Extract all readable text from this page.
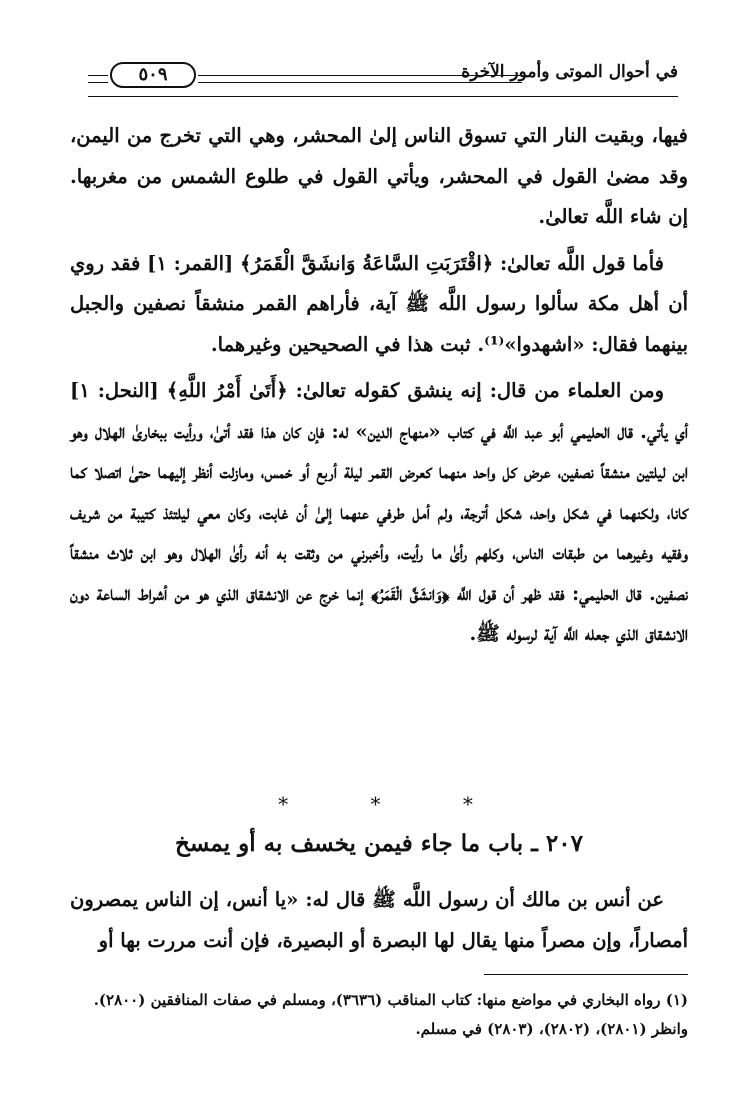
في أحوال الموتى وأمور الآخرة
٥٠٩

فيها، وبقيت النار التي تسوق الناس إلىٰ المحشر، وهي التي تخرج من اليمن، وقد مضىٰ القول في المحشر، ويأتي القول في طلوع الشمس من مغربها. إن شاء اللَّه تعالىٰ.

فأما قول اللَّه تعالىٰ: ﴿اقْتَرَبَتِ السَّاعَةُ وَانشَقَّ الْقَمَرُ﴾ [القمر: ١] فقد روي أن أهل مكة سألوا رسول اللَّه ﷺ آية، فأراهم القمر منشقاً نصفين والجبل بينهما فقال: «اشهدوا»⁽¹⁾. ثبت هذا في الصحيحين وغيرهما.

ومن العلماء من قال: إنه ينشق كقوله تعالىٰ: ﴿أَتَىٰ أَمْرُ اللَّهِ﴾ [النحل: ١] أي يأتي. قال الحليمي أبو عبد اللَّه في كتاب «منهاج الدين» له: فإن كان هذا فقد أتىٰ، ورأيت ببخارىٰ الهلال وهو ابن ليلتين منشقاً نصفين، عرض كل واحد منهما كعرض القمر ليلة أربع أو خمس، ومازلت أنظر إليهما حتىٰ اتصلا كما كانا، ولكنهما في شكل واحد، شكل أترجة، ولم أمل طرفي عنهما إلىٰ أن غابت، وكان معي ليلتئذ كتيبة من شريف وفقيه وغيرهما من طبقات الناس، وكلهم رأىٰ ما رأيت، وأخبرني من وثقت به أنه رأىٰ الهلال وهو ابن ثلاث منشقاً نصفين. قال الحليمي: فقد ظهر أن قول اللَّه ﴿وَانشَقَّ الْقَمَرُ﴾ إنما خرج عن الانشقاق الذي هو من أشراط الساعة دون الانشقاق الذي جعله اللَّه آية لرسوله ﷺ.

* * *
٢٠٧ ـ باب ما جاء فيمن يخسف به أو يمسخ

عن أنس بن مالك أن رسول اللَّه ﷺ قال له: «يا أنس، إن الناس يمصرون أمصاراً، وإن مصراً منها يقال لها البصرة أو البصيرة، فإن أنت مررت بها أو

(١) رواه البخاري في مواضع منها: كتاب المناقب (٣٦٣٦)، ومسلم في صفات المنافقين (٢٨٠٠).

وانظر (٢٨٠١)، (٢٨٠٢)، (٢٨٠٣) في مسلم.
